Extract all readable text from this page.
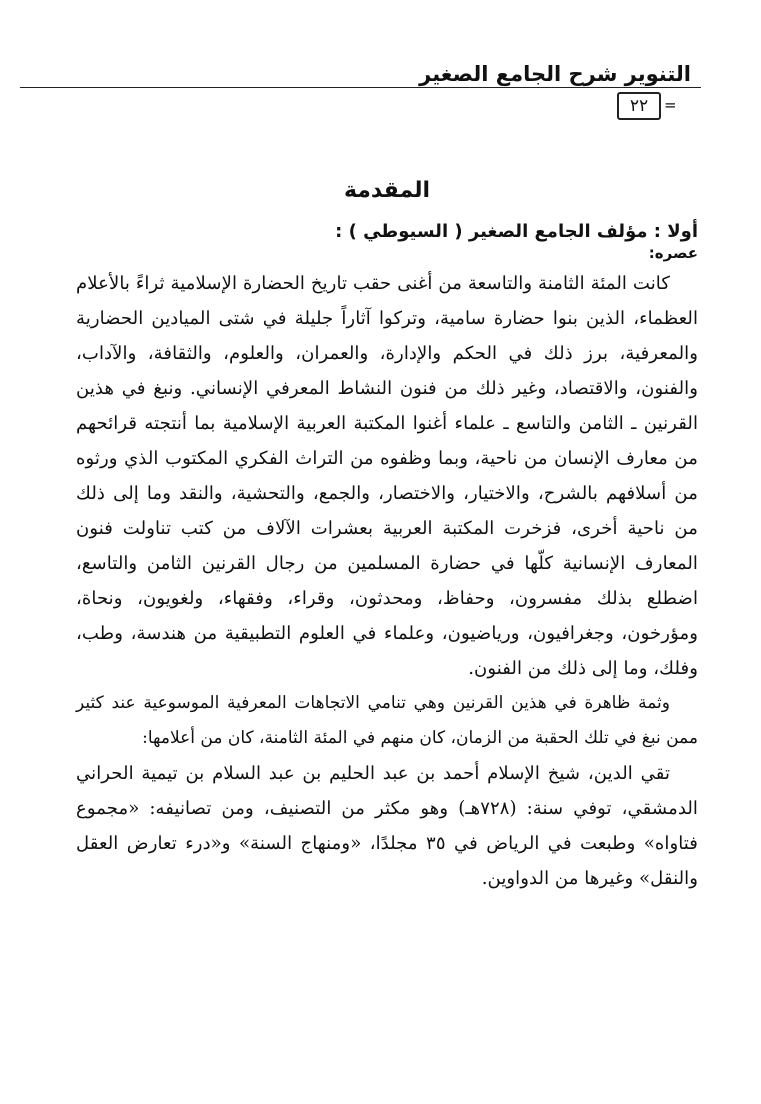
التنوير شرح الجامع الصغير
=
٢٢
المقدمة
أولا : مؤلف الجامع الصغير ( السيوطي ) :
عصره:

كانت المئة الثامنة والتاسعة من أغنى حقب تاريخ الحضارة الإسلامية ثراءً بالأعلام العظماء، الذين بنوا حضارة سامية، وتركوا آثاراً جليلة في شتى الميادين الحضارية والمعرفية، برز ذلك في الحكم والإدارة، والعمران، والعلوم، والثقافة، والآداب، والفنون، والاقتصاد، وغير ذلك من فنون النشاط المعرفي الإنساني. ونبغ في هذين القرنين ـ الثامن والتاسع ـ علماء أغنوا المكتبة العربية الإسلامية بما أنتجته قرائحهم من معارف الإنسان من ناحية، وبما وظفوه من التراث الفكري المكتوب الذي ورثوه من أسلافهم بالشرح، والاختيار، والاختصار، والجمع، والتحشية، والنقد وما إلى ذلك من ناحية أخرى، فزخرت المكتبة العربية بعشرات الآلاف من كتب تناولت فنون المعارف الإنسانية كلّها في حضارة المسلمين من رجال القرنين الثامن والتاسع، اضطلع بذلك مفسرون، وحفاظ، ومحدثون، وقراء، وفقهاء، ولغويون، ونحاة، ومؤرخون، وجغرافيون، ورياضيون، وعلماء في العلوم التطبيقية من هندسة، وطب، وفلك، وما إلى ذلك من الفنون.

وثمة ظاهرة في هذين القرنين وهي تنامي الاتجاهات المعرفية الموسوعية عند كثير ممن نبغ في تلك الحقبة من الزمان، كان منهم في المئة الثامنة، كان من أعلامها:

تقي الدين، شيخ الإسلام أحمد بن عبد الحليم بن عبد السلام بن تيمية الحراني الدمشقي، توفي سنة: (٧٢٨هـ) وهو مكثر من التصنيف، ومن تصانيفه: «مجموع فتاواه» وطبعت في الرياض في ٣٥ مجلدًا، «ومنهاج السنة» و«درء تعارض العقل والنقل» وغيرها من الدواوين.
